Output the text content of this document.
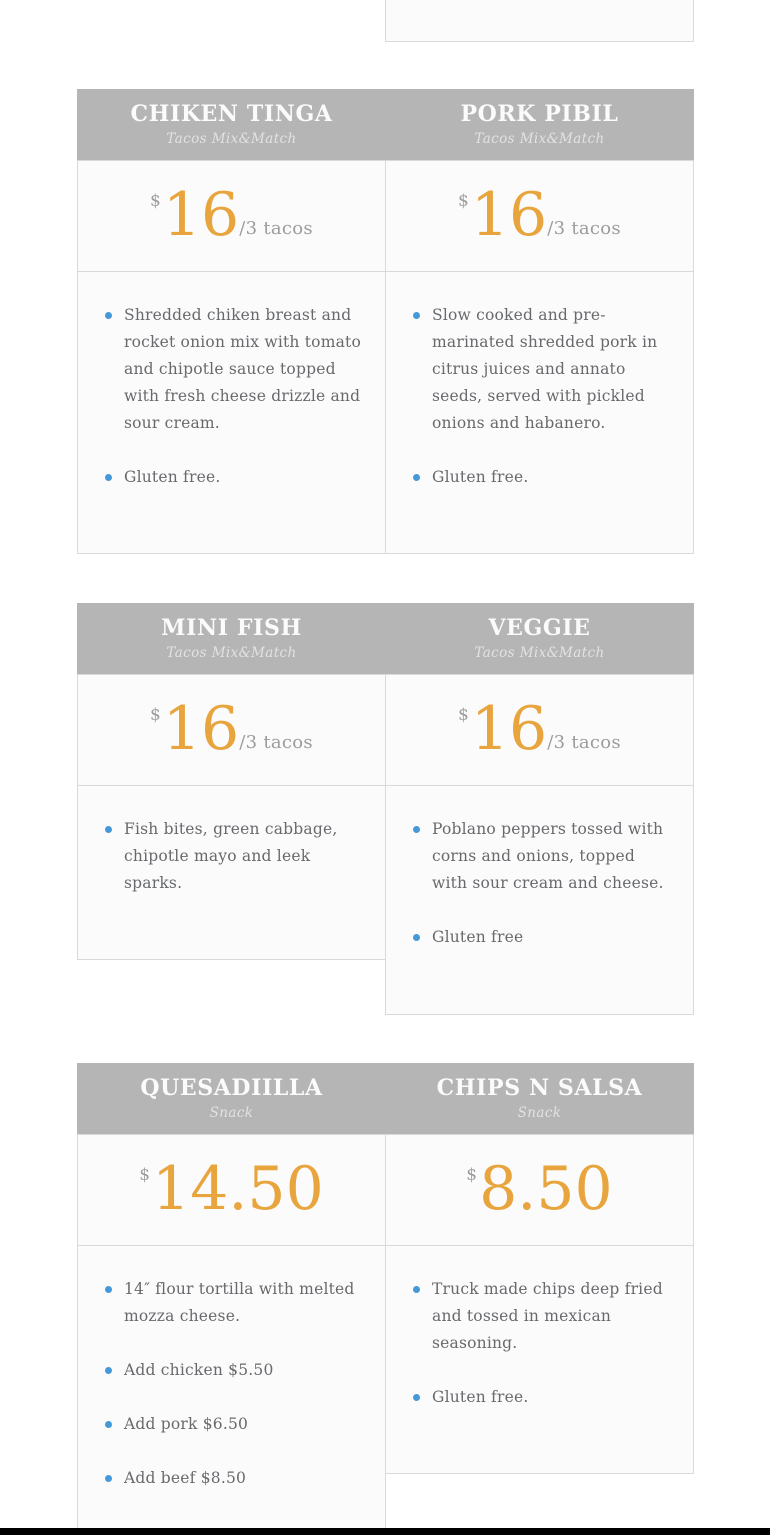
CHIKEN TINGA
Tacos Mix&Match
$ 16 /3 tacos
Shredded chiken breast and rocket onion mix with tomato and chipotle sauce topped with fresh cheese drizzle and sour cream.
Gluten free.
PORK PIBIL
Tacos Mix&Match
$ 16 /3 tacos
Slow cooked and pre-marinated shredded pork in citrus juices and annato seeds, served with pickled onions and habanero.
Gluten free.
MINI FISH
Tacos Mix&Match
$ 16 /3 tacos
Fish bites, green cabbage, chipotle mayo and leek sparks.
VEGGIE
Tacos Mix&Match
$ 16 /3 tacos
Poblano peppers tossed with corns and onions, topped with sour cream and cheese.
Gluten free
QUESADIILLA
Snack
$ 14.50
14″ flour tortilla with melted mozza cheese.
Add chicken $5.50
Add pork $6.50
Add beef $8.50
CHIPS N SALSA
Snack
$ 8.50
Truck made chips deep fried and tossed in mexican seasoning.
Gluten free.
